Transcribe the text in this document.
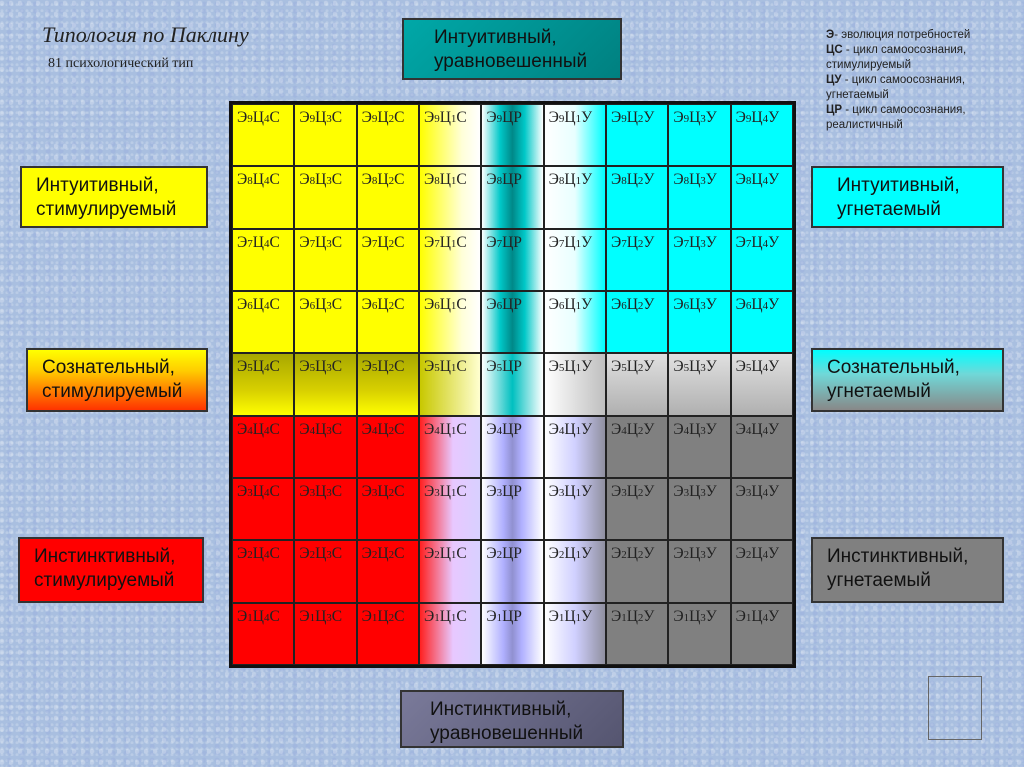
Типология по Паклину
81 психологический тип
Э- эволюция потребностей
ЦС - цикл самоосознания, стимулируемый
ЦУ - цикл самоосознания, угнетаемый
ЦР - цикл самоосознания, реалистичный
Интуитивный,
уравновешенный
Интуитивный,
стимулируемый
Интуитивный,
угнетаемый
Сознательный,
стимулируемый
Сознательный,
угнетаемый
Инстинктивный,
стимулируемый
Инстинктивный,
угнетаемый
Инстинктивный,
уравновешенный
Э9Ц4С	Э9Ц3С	Э9Ц2С	Э9Ц1С	Э9ЦР	Э9Ц1У	Э9Ц2У	Э9Ц3У	Э9Ц4У
Э8Ц4С	Э8Ц3С	Э8Ц2С	Э8Ц1С	Э8ЦР	Э8Ц1У	Э8Ц2У	Э8Ц3У	Э8Ц4У
Э7Ц4С	Э7Ц3С	Э7Ц2С	Э7Ц1С	Э7ЦР	Э7Ц1У	Э7Ц2У	Э7Ц3У	Э7Ц4У
Э6Ц4С	Э6Ц3С	Э6Ц2С	Э6Ц1С	Э6ЦР	Э6Ц1У	Э6Ц2У	Э6Ц3У	Э6Ц4У
Э5Ц4С	Э5Ц3С	Э5Ц2С	Э5Ц1С	Э5ЦР	Э5Ц1У	Э5Ц2У	Э5Ц3У	Э5Ц4У
Э4Ц4С	Э4Ц3С	Э4Ц2С	Э4Ц1С	Э4ЦР	Э4Ц1У	Э4Ц2У	Э4Ц3У	Э4Ц4У
Э3Ц4С	Э3Ц3С	Э3Ц2С	Э3Ц1С	Э3ЦР	Э3Ц1У	Э3Ц2У	Э3Ц3У	Э3Ц4У
Э2Ц4С	Э2Ц3С	Э2Ц2С	Э2Ц1С	Э2ЦР	Э2Ц1У	Э2Ц2У	Э2Ц3У	Э2Ц4У
Э1Ц4С	Э1Ц3С	Э1Ц2С	Э1Ц1С	Э1ЦР	Э1Ц1У	Э1Ц2У	Э1Ц3У	Э1Ц4У
